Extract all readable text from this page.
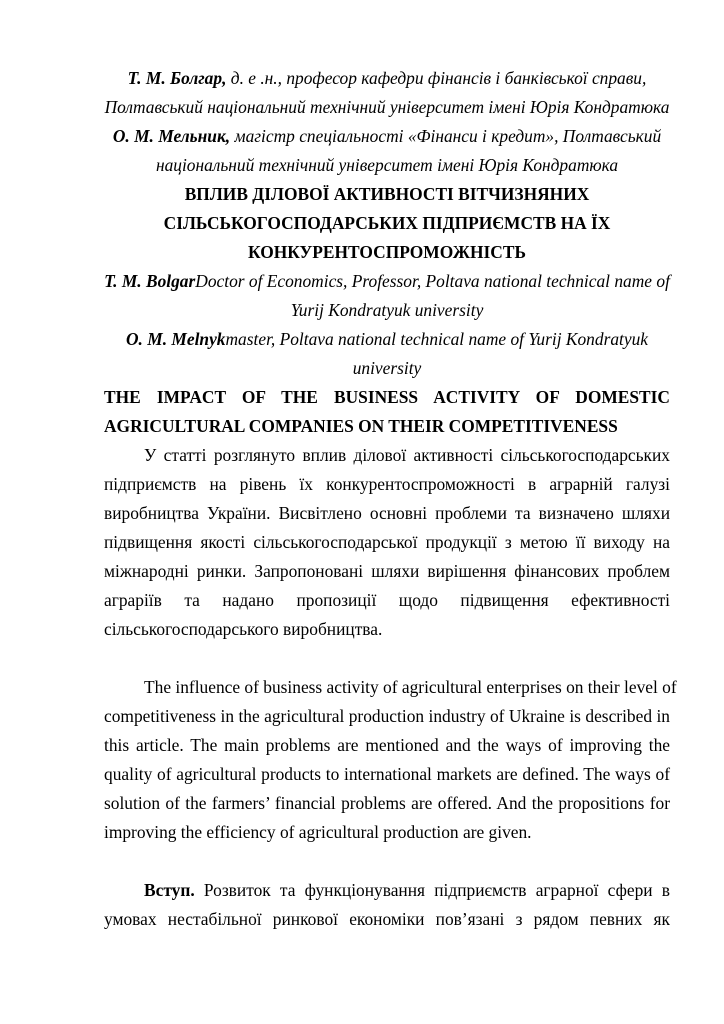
Т. М. Болгар, д. е .н., професор кафедри фінансів і банківської справи,
Полтавський національний технічний університет імені Юрія Кондратюка
О. М. Мельник, магістр спеціальності «Фінанси і кредит», Полтавський
національний технічний університет імені Юрія Кондратюка
ВПЛИВ ДІЛОВОЇ АКТИВНОСТІ ВІТЧИЗНЯНИХ
СІЛЬСЬКОГОСПОДАРСЬКИХ ПІДПРИЄМСТВ НА ЇХ
КОНКУРЕНТОСПРОМОЖНІСТЬ
T. M. BolgarDoctor of Economics, Professor, Poltava national technical name of
Yurij Kondratyuk university
O. M. Melnykmaster, Poltava national technical name of Yurij Kondratyuk
university
THE IMPACT OF THE BUSINESS ACTIVITY OF DOMESTIC
AGRICULTURAL COMPANIES ON THEIR COMPETITIVENESS
У статті розглянуто вплив ділової активності сільськогосподарських
підприємств на рівень їх конкурентоспроможності в аграрній галузі
виробництва України. Висвітлено основні проблеми та визначено шляхи
підвищення якості сільськогосподарської продукції з метою її виходу на
міжнародні ринки. Запропоновані шляхи вирішення фінансових проблем
аграріїв та надано пропозиції щодо підвищення ефективності
сільськогосподарського виробництва.
The influence of business activity of agricultural enterprises on their level of
competitiveness in the agricultural production industry of Ukraine is described in
this article. The main problems are mentioned and the ways of improving the
quality of agricultural products to international markets are defined. The ways of
solution of the farmers’ financial problems are offered. And the propositions for
improving the efficiency of agricultural production are given.
Вступ. Розвиток та функціонування підприємств аграрної сфери в
умовах нестабільної ринкової економіки пов’язані з рядом певних як
